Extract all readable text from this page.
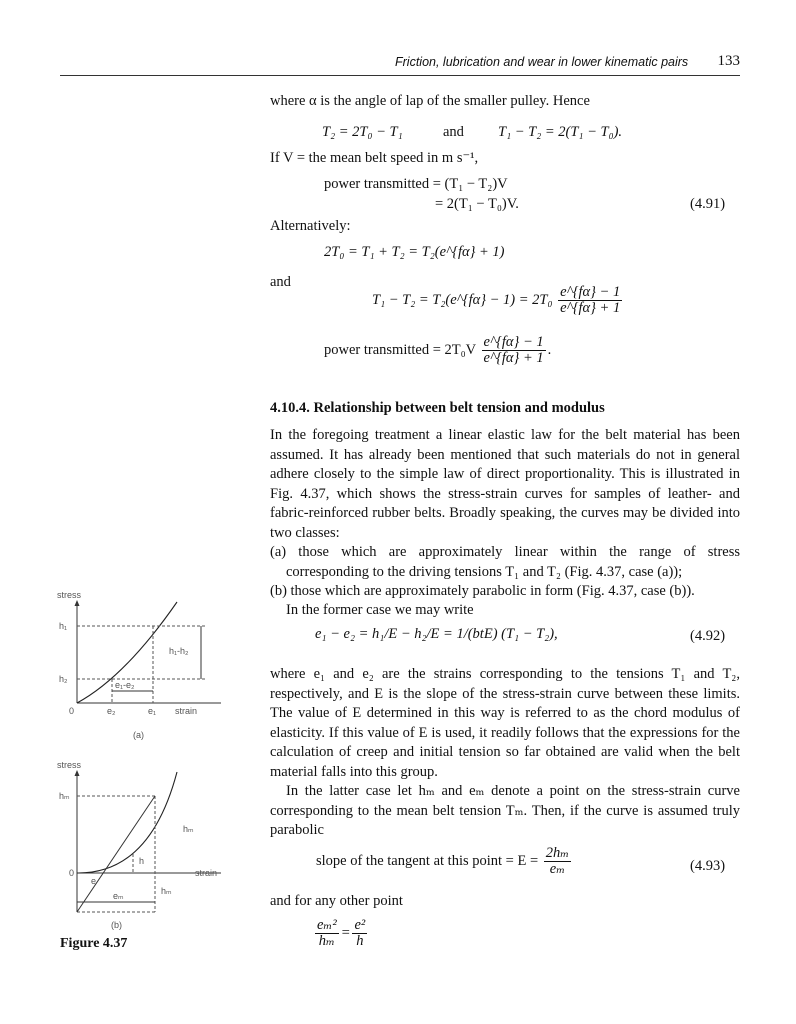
Friction, lubrication and wear in lower kinematic pairs 133
where α is the angle of lap of the smaller pulley. Hence
T₂ = 2T₀ − T₁	and T₁ − T₂ = 2(T₁ − T₀).
If V = the mean belt speed in m s⁻¹,
power transmitted = (T₁ − T₂)V
= 2(T₁ − T₀)V.	(4.91)
Alternatively:
2T₀ = T₁ + T₂ = T₂(e^{fα} + 1)
and
T₁ − T₂ = T₂(e^{fα} − $1) = 2T_0 \frac{e\^{}\{f\alpha\} - 1}{e\^{}\{f\alpha\} + 1}$
power transmitted = $2T_0V \frac{e\^{}\{f\alpha\} - 1}{e\^{}\{f\alpha\} + 1}$ .
4.10.4. Relationship between belt tension and modulus
In the foregoing treatment a linear elastic law for the belt material has been assumed. It has already been mentioned that such materials do not in general adhere closely to the simple law of direct proportionality. This is illustrated in Fig. 4.37, which shows the stress-strain curves for samples of leather- and fabric-reinforced rubber belts. Broadly speaking, the curves may be divided into two classes:
(a) those which are approximately linear within the range of stress corresponding to the driving tensions T₁ and T₂ (Fig. 4.37, case (a));
(b) those which are approximately parabolic in form (Fig. 4.37, case (b)).
In the former case we may write
e₁ − e₂ = h₁/E − h₂/E = 1/(btE) (T₁ − T₂),	(4.92)
where e₁ and e₂ are the strains corresponding to the tensions T₁ and T₂, respectively, and E is the slope of the stress-strain curve between these limits. The value of E determined in this way is referred to as the chord modulus of elasticity. If this value of E is used, it readily follows that the expressions for the calculation of creep and initial tension so far obtained are valid when the belt material falls into this group.
In the latter case let hₘ and eₘ denote a point on the stress-strain curve corresponding to the mean belt tension Tₘ. Then, if the curve is assumed truly parabolic
slope of the tangent at this point = $E = \frac{\text{2hₘ}}{\text{eₘ}}$	(4.93)
and for any other point
$\frac{\text{eₘ²}}{\text{hₘ}} = \frac{\text{e²}}{h}$
stress
h₁
h₂
h₁-h₂
e₁-e₂
0	e₂	e₁ strain
(a)
stress
hₘ
hₘ
hₘ
h
e
eₘ
0	strain
(b)
Figure 4.37
